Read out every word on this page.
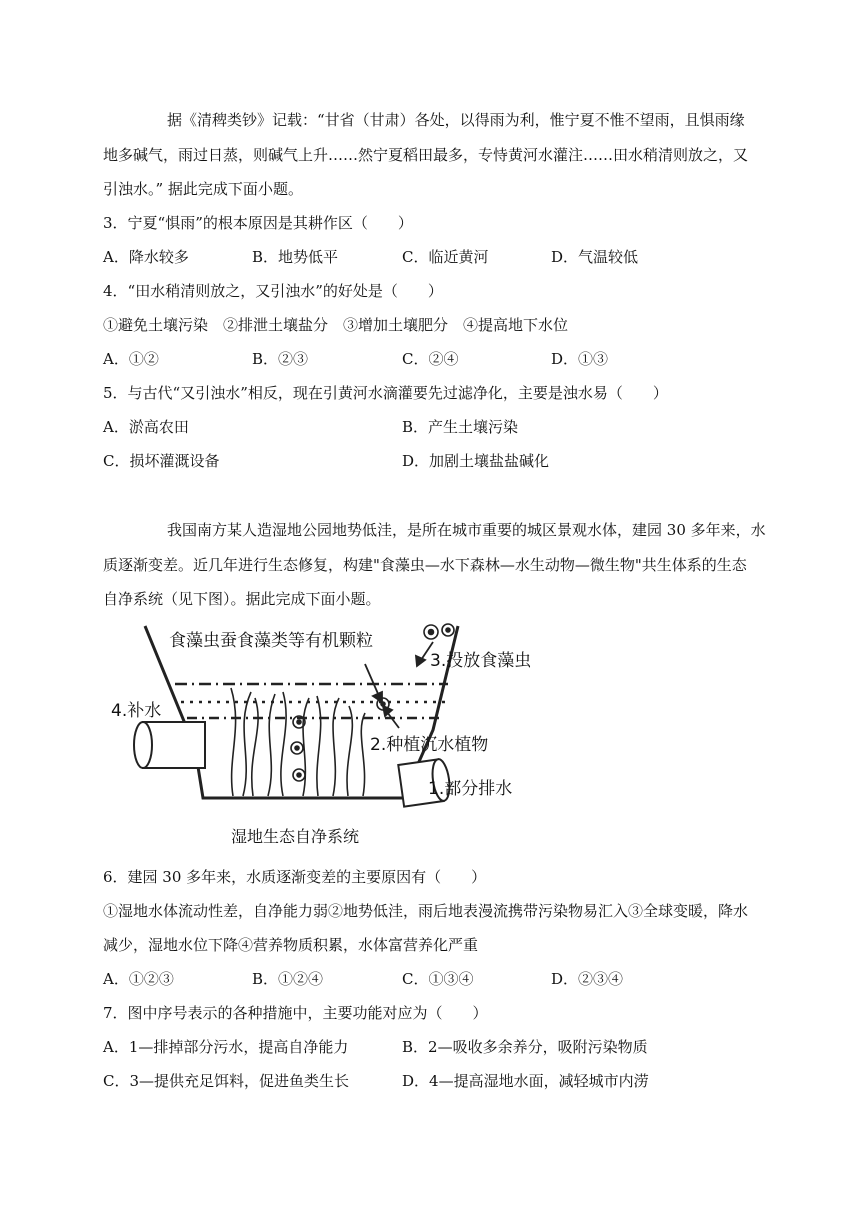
据《清稗类钞》记载：“甘省（甘肃）各处，以得雨为利，惟宁夏不惟不望雨，且惧雨缘
地多碱气，雨过日蒸，则碱气上升……然宁夏稻田最多，专恃黄河水灌注……田水稍清则放之，又
引浊水。” 据此完成下面小题。
3．宁夏“惧雨”的根本原因是其耕作区（　　）
A．降水较多	B．地势低平	C．临近黄河	D．气温较低
4．“田水稍清则放之，又引浊水”的好处是（　　）
①避免土壤污染　②排泄土壤盐分　③增加土壤肥分　④提高地下水位
A．①②	B．②③	C．②④	D．①③
5．与古代“又引浊水”相反，现在引黄河水滴灌要先过滤净化，主要是浊水易（　　）
A．淤高农田	B．产生土壤污染
C．损坏灌溉设备	D．加剧土壤盐盐碱化
我国南方某人造湿地公园地势低洼，是所在城市重要的城区景观水体，建园 30 多年来，水
质逐渐变差。近几年进行生态修复，构建"食藻虫—水下森林—水生动物—微生物"共生体系的生态
自净系统（见下图）。据此完成下面小题。
食藻虫蚕食藻类等有机颗粒
3.投放食藻虫
4.补水
2.种植沉水植物
1.部分排水
湿地生态自净系统
6．建园 30 多年来，水质逐渐变差的主要原因有（　　）
①湿地水体流动性差，自净能力弱②地势低洼，雨后地表漫流携带污染物易汇入③全球变暖，降水
减少，湿地水位下降④营养物质积累，水体富营养化严重
A．①②③	B．①②④	C．①③④	D．②③④
7．图中序号表示的各种措施中，主要功能对应为（　　）
A．1—排掉部分污水，提高自净能力	B．2—吸收多余养分，吸附污染物质
C．3—提供充足饵料，促进鱼类生长	D．4—提高湿地水面，减轻城市内涝
